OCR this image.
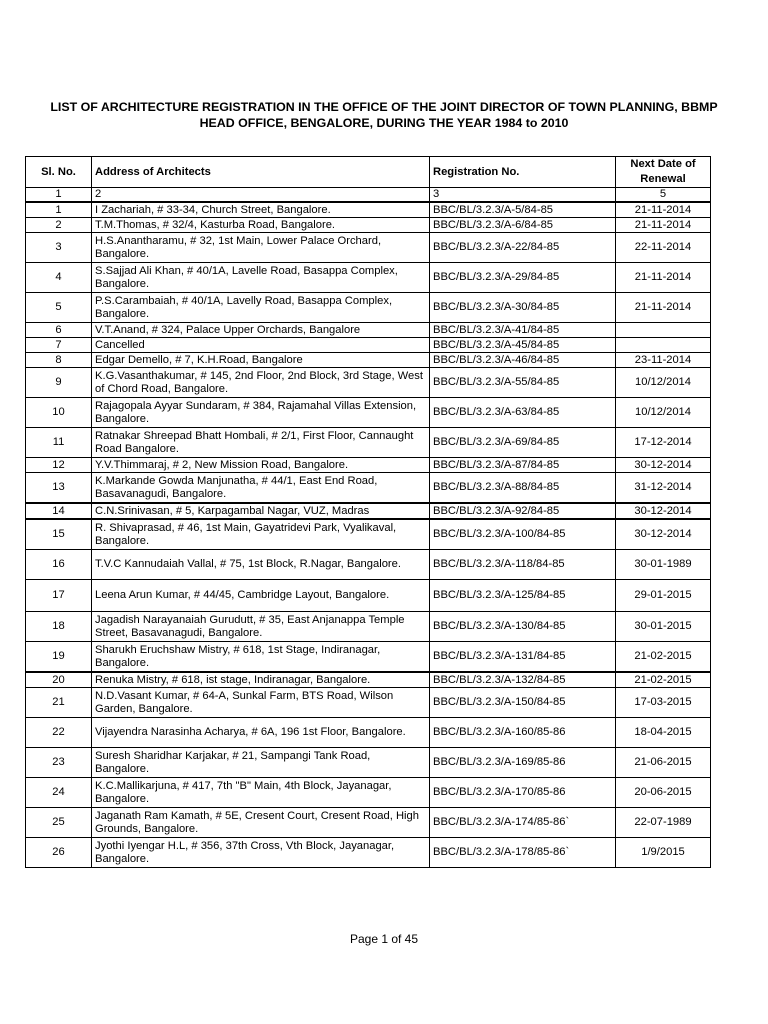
LIST OF ARCHITECTURE REGISTRATION IN THE OFFICE OF THE JOINT DIRECTOR OF TOWN PLANNING, BBMP
HEAD OFFICE, BENGALORE, DURING THE YEAR 1984 to 2010
Sl. No.	Address of Architects	Registration No.	Next Date of Renewal
1	2	3	5
1	I Zachariah, # 33-34, Church Street, Bangalore.	BBC/BL/3.2.3/A-5/84-85	21-11-2014
2	T.M.Thomas, # 32/4, Kasturba Road, Bangalore.	BBC/BL/3.2.3/A-6/84-85	21-11-2014
3	H.S.Anantharamu, # 32, 1st Main, Lower Palace Orchard, Bangalore.	BBC/BL/3.2.3/A-22/84-85	22-11-2014
4	S.Sajjad Ali Khan, # 40/1A, Lavelle Road, Basappa Complex, Bangalore.	BBC/BL/3.2.3/A-29/84-85	21-11-2014
5	P.S.Carambaiah, # 40/1A, Lavelly Road, Basappa Complex, Bangalore.	BBC/BL/3.2.3/A-30/84-85	21-11-2014
6	V.T.Anand, # 324, Palace Upper Orchards, Bangalore	BBC/BL/3.2.3/A-41/84-85	
7	Cancelled	BBC/BL/3.2.3/A-45/84-85	
8	Edgar Demello, # 7, K.H.Road, Bangalore	BBC/BL/3.2.3/A-46/84-85	23-11-2014
9	K.G.Vasanthakumar, # 145, 2nd Floor, 2nd Block, 3rd Stage, West of Chord Road, Bangalore.	BBC/BL/3.2.3/A-55/84-85	10/12/2014
10	Rajagopala Ayyar Sundaram, # 384, Rajamahal Villas Extension, Bangalore.	BBC/BL/3.2.3/A-63/84-85	10/12/2014
11	Ratnakar Shreepad Bhatt Hombali, # 2/1, First Floor, Cannaught Road Bangalore.	BBC/BL/3.2.3/A-69/84-85	17-12-2014
12	Y.V.Thimmaraj, # 2, New Mission Road, Bangalore.	BBC/BL/3.2.3/A-87/84-85	30-12-2014
13	K.Markande Gowda Manjunatha, # 44/1, East End Road, Basavanagudi, Bangalore.	BBC/BL/3.2.3/A-88/84-85	31-12-2014
14	C.N.Srinivasan, # 5, Karpagambal Nagar, VUZ, Madras	BBC/BL/3.2.3/A-92/84-85	30-12-2014
15	R. Shivaprasad, # 46, 1st Main, Gayatridevi Park, Vyalikaval, Bangalore.	BBC/BL/3.2.3/A-100/84-85	30-12-2014
16	T.V.C Kannudaiah Vallal, # 75, 1st Block, R.Nagar, Bangalore.	BBC/BL/3.2.3/A-118/84-85	30-01-1989
17	Leena Arun Kumar, # 44/45, Cambridge Layout, Bangalore.	BBC/BL/3.2.3/A-125/84-85	29-01-2015
18	Jagadish Narayanaiah Gurudutt, # 35, East Anjanappa Temple Street, Basavanagudi, Bangalore.	BBC/BL/3.2.3/A-130/84-85	30-01-2015
19	Sharukh Eruchshaw Mistry, # 618, 1st Stage, Indiranagar, Bangalore.	BBC/BL/3.2.3/A-131/84-85	21-02-2015
20	Renuka Mistry, # 618, ist stage, Indiranagar, Bangalore.	BBC/BL/3.2.3/A-132/84-85	21-02-2015
21	N.D.Vasant Kumar, # 64-A, Sunkal Farm, BTS Road, Wilson Garden, Bangalore.	BBC/BL/3.2.3/A-150/84-85	17-03-2015
22	Vijayendra Narasinha Acharya, # 6A, 196 1st Floor, Bangalore.	BBC/BL/3.2.3/A-160/85-86	18-04-2015
23	Suresh Sharidhar Karjakar, # 21, Sampangi Tank Road, Bangalore.	BBC/BL/3.2.3/A-169/85-86	21-06-2015
24	K.C.Mallikarjuna, # 417, 7th "B" Main, 4th Block, Jayanagar, Bangalore.	BBC/BL/3.2.3/A-170/85-86	20-06-2015
25	Jaganath Ram Kamath, # 5E, Cresent Court, Cresent Road, High Grounds, Bangalore.	BBC/BL/3.2.3/A-174/85-86`	22-07-1989
26	Jyothi Iyengar H.L, # 356, 37th Cross, Vth Block, Jayanagar, Bangalore.	BBC/BL/3.2.3/A-178/85-86`	1/9/2015
Page 1 of 45
